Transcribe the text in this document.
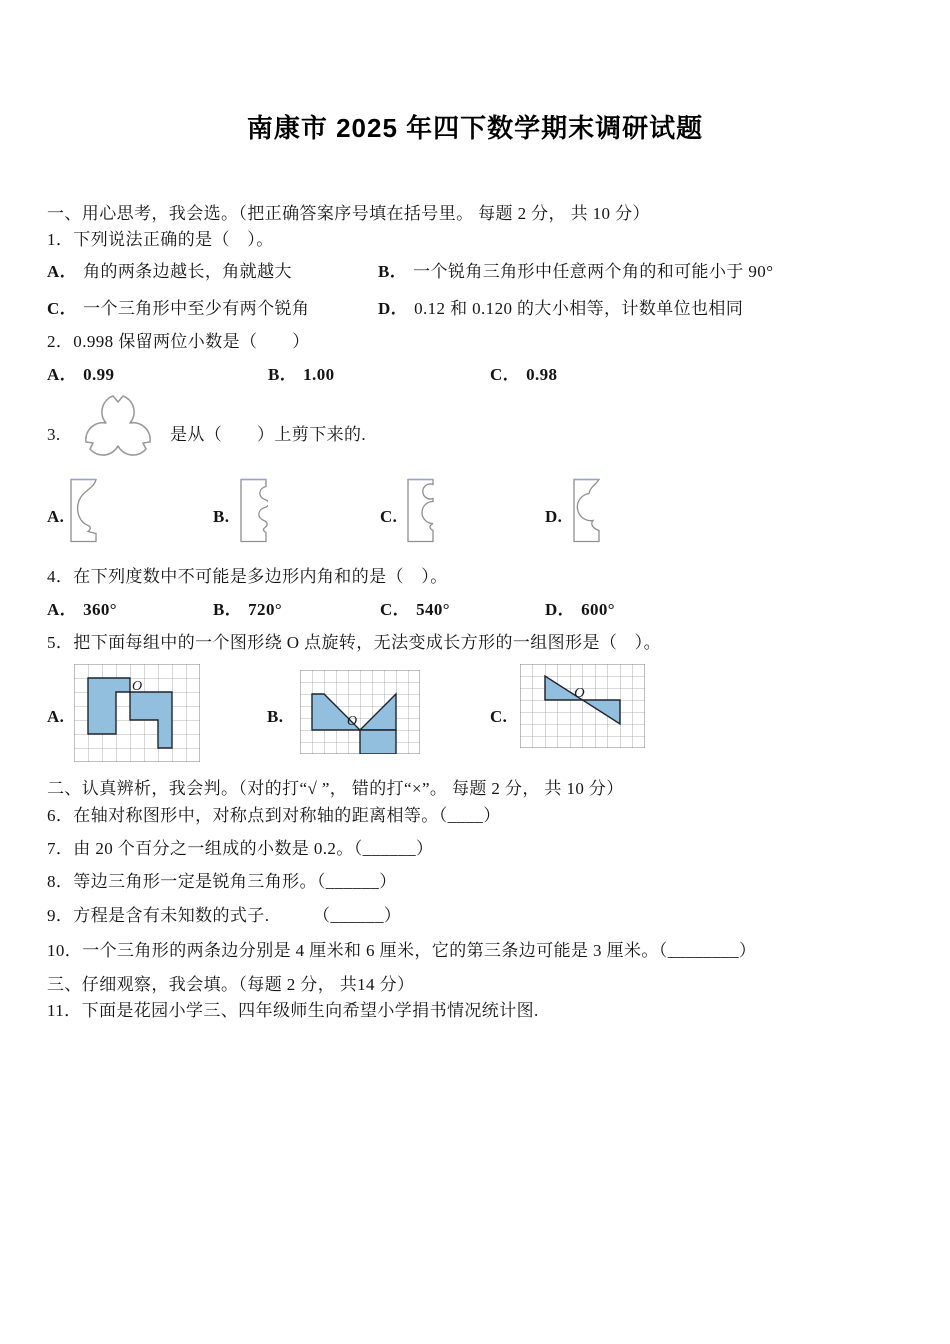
南康市 2025 年四下数学期末调研试题
一、用心思考，我会选。（把正确答案序号填在括号里。 每题 2 分， 共 10 分）
1．下列说法正确的是（　）。
A． 角的两条边越长，角就越大	B． 一个锐角三角形中任意两个角的和可能小于 90°
C． 一个三角形中至少有两个锐角	D． 0.12 和 0.120 的大小相等，计数单位也相同
2．0.998 保留两位小数是（　　）
A． 0.99	B． 1.00	C． 0.98
3.	是从（　　）上剪下来的.
A.	B.	C.	D.
4．在下列度数中不可能是多边形内角和的是（　）。
A． 360°	B． 720°	C． 540°	D． 600°
5．把下面每组中的一个图形绕 O 点旋转，无法变成长方形的一组图形是（　）。
A.
O
B.	O	C.
O
二、认真辨析，我会判。（对的打“√ ”， 错的打“×”。 每题 2 分， 共 10 分）
6．在轴对称图形中，对称点到对称轴的距离相等。（____）
7．由 20 个百分之一组成的小数是 0.2。（______）
8．等边三角形一定是锐角三角形。（______）
9．方程是含有未知数的式子.　　　（______）
10．一个三角形的两条边分别是 4 厘米和 6 厘米，它的第三条边可能是 3 厘米。（________）
三、仔细观察，我会填。（每题 2 分， 共14 分）
11．下面是花园小学三、四年级师生向希望小学捐书情况统计图.
